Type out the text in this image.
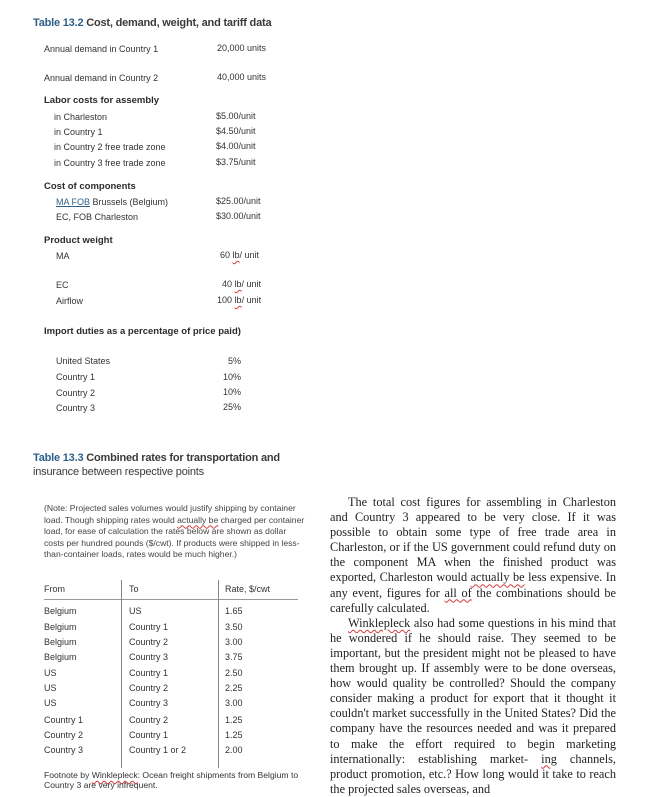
Table 13.2 Cost, demand, weight, and tariff data
Annual demand in Country 1	20,000 units
Annual demand in Country 2	40,000 units
Labor costs for assembly
in Charleston	$5.00/unit
in Country 1	$4.50/unit
in Country 2 free trade zone	$4.00/unit
in Country 3 free trade zone	$3.75/unit
Cost of components
MA FOB Brussels (Belgium)	$25.00/unit
EC, FOB Charleston	$30.00/unit
Product weight
MA	60 lb/ unit
EC	40 lb/ unit
Airflow	100 lb/ unit
Import duties as a percentage of price paid)
United States	5%
Country 1	10%
Country 2	10%
Country 3	25%
Table 13.3 Combined rates for transportation and
insurance between respective points
(Note: Projected sales volumes would justify shipping by container load. Though shipping rates would actually be charged per container load, for ease of calculation the rates below are shown as dollar costs per hundred pounds ($/cwt). If products were shipped in less-than-container loads, rates would be much higher.)
From	To	Rate, $/cwt
Belgium	US	1.65
Belgium	Country 1	3.50
Belgium	Country 2	3.00
Belgium	Country 3	3.75
US	Country 1	2.50
US	Country 2	2.25
US	Country 3	3.00
Country 1	Country 2	1.25
Country 2	Country 1	1.25
Country 3	Country 1 or 2	2.00
Footnote by Winklepleck: Ocean freight shipments from Belgium to Country 3 are very infrequent.

The total cost figures for assembling in Charleston and Country 3 appeared to be very close. If it was possible to obtain some type of free trade area in Charleston, or if the US government could refund duty on the component MA when the finished product was exported, Charleston would actually be less expensive. In any event, figures for all of the combinations should be carefully calculated.

Winklepleck also had some questions in his mind that he wondered if he should raise. They seemed to be important, but the president might not be pleased to have them brought up. If assembly were to be done overseas, how would quality be controlled? Should the company consider making a product for export that it thought it couldn't market successfully in the United States? Did the company have the resources needed and was it prepared to make the effort required to begin marketing internationally: establishing market- ing channels, product promotion, etc.? How long would it take to reach the projected sales overseas, and
